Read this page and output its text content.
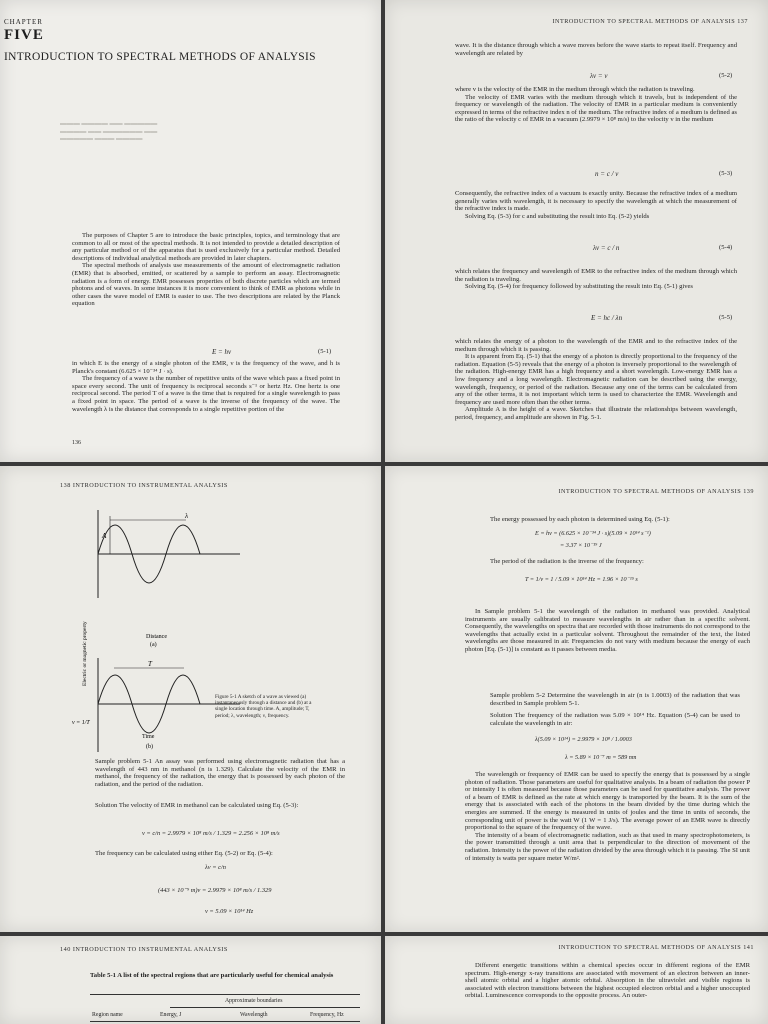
▬▬▬ ▬▬▬▬ ▬▬ ▬▬▬▬▬
▬▬▬▬ ▬▬ ▬▬▬▬▬▬ ▬▬
▬▬▬▬▬ ▬▬▬ ▬▬▬▬
CHAPTER
FIVE
INTRODUCTION TO SPECTRAL METHODS OF ANALYSIS

The purposes of Chapter 5 are to introduce the basic principles, topics, and terminology that are common to all or most of the spectral methods. It is not intended to provide a detailed description of any particular method or of the apparatus that is used exclusively for a particular method. Detailed descriptions of individual analytical methods are provided in later chapters.

The spectral methods of analysis use measurements of the amount of electromagnetic radiation (EMR) that is absorbed, emitted, or scattered by a sample to perform an assay. Electromagnetic radiation is a form of energy. EMR possesses properties of both discrete particles which are termed photons and of waves. In some instances it is more convenient to think of EMR as photons while in other cases the wave model of EMR is easier to use. The two descriptions are related by the Planck equation

E = hν	(5-1)

in which E is the energy of a single photon of the EMR, ν is the frequency of the wave, and h is Planck's constant (6.625 × 10⁻³⁴ J · s).

The frequency of a wave is the number of repetitive units of the wave which pass a fixed point in space every second. The unit of frequency is reciprocal seconds s⁻¹ or hertz Hz. One hertz is one reciprocal second. The period T of a wave is the time that is required for a single wavelength to pass a fixed point in space. The period of a wave is the inverse of the frequency of the wave. The wavelength λ is the distance that corresponds to a single repetitive portion of the

136
INTRODUCTION TO SPECTRAL METHODS OF ANALYSIS 137

wave. It is the distance through which a wave moves before the wave starts to repeat itself. Frequency and wavelength are related by

λν = v	(5-2)

where v is the velocity of the EMR in the medium through which the radiation is traveling.

The velocity of EMR varies with the medium through which it travels, but is independent of the frequency or wavelength of the radiation. The velocity of EMR in a particular medium is conveniently expressed in terms of the refractive index n of the medium. The refractive index of a medium is defined as the ratio of the velocity c of EMR in a vacuum (2.9979 × 10⁸ m/s) to the velocity v in the medium

n = c / v	(5-3)

Consequently, the refractive index of a vacuum is exactly unity. Because the refractive index of a medium generally varies with wavelength, it is necessary to specify the wavelength at which the measurement of the refractive index is made.

Solving Eq. (5-3) for c and substituting the result into Eq. (5-2) yields

λν = c / n	(5-4)

which relates the frequency and wavelength of EMR to the refractive index of the medium through which the radiation is traveling.

Solving Eq. (5-4) for frequency followed by substituting the result into Eq. (5-1) gives

E = hc / λn	(5-5)

which relates the energy of a photon to the wavelength of the EMR and to the refractive index of the medium through which it is passing.

It is apparent from Eq. (5-1) that the energy of a photon is directly proportional to the frequency of the radiation. Equation (5-5) reveals that the energy of a photon is inversely proportional to the wavelength of the radiation. High-energy EMR has a high frequency and a short wavelength. Low-energy EMR has a low frequency and a long wavelength. Electromagnetic radiation can be described using the energy, wavelength, frequency, or period of the radiation. Because any one of the terms can be calculated from any of the other terms, it is not important which term is used to characterize the EMR. Wavelength and frequency are used more often than the other terms.

Amplitude A is the height of a wave. Sketches that illustrate the relationships between wavelength, period, frequency, and amplitude are shown in Fig. 5-1.

138 INTRODUCTION TO INSTRUMENTAL ANALYSIS
λ
A
T
Distance
(a)
Time
(b)
ν = 1/T
Electric or magnetic property
Figure 5-1 A sketch of a wave as viewed (a) instantaneously through a distance and (b) at a single location through time. A, amplitude; T, period; λ, wavelength; ν, frequency.

Sample problem 5-1 An assay was performed using electromagnetic radiation that has a wavelength of 443 nm in methanol (n is 1.329). Calculate the velocity of the EMR in methanol, the frequency of the radiation, the energy that is possessed by each photon of the radiation, and the period of the radiation.

Solution The velocity of EMR in methanol can be calculated using Eq. (5-3):

v = c/n = 2.9979 × 10⁸ m/s / 1.329 = 2.256 × 10⁸ m/s

The frequency can be calculated using either Eq. (5-2) or Eq. (5-4):

λν = c/n
(443 × 10⁻⁹ m)ν = 2.9979 × 10⁸ m/s / 1.329
ν = 5.09 × 10¹⁴ Hz
INTRODUCTION TO SPECTRAL METHODS OF ANALYSIS 139

The energy possessed by each photon is determined using Eq. (5-1):

E = hν = (6.625 × 10⁻³⁴ J · s)(5.09 × 10¹⁴ s⁻¹)
= 3.37 × 10⁻¹⁹ J

The period of the radiation is the inverse of the frequency:

T = 1/ν = 1 / 5.09 × 10¹⁴ Hz = 1.96 × 10⁻¹⁵ s

In Sample problem 5-1 the wavelength of the radiation in methanol was provided. Analytical instruments are usually calibrated to measure wavelengths in air rather than in a specific solvent. Consequently, the wavelengths on spectra that are recorded with those instruments do not correspond to the wavelengths that actually exist in a particular solvent. Throughout the remainder of the text, the listed wavelengths are those measured in air. Frequencies do not vary with medium because the energy of each photon [Eq. (5-1)] is constant as it passes between media.

Sample problem 5-2 Determine the wavelength in air (n is 1.0003) of the radiation that was described in Sample problem 5-1.

Solution The frequency of the radiation was 5.09 × 10¹⁴ Hz. Equation (5-4) can be used to calculate the wavelength in air:

λ(5.09 × 10¹⁴) = 2.9979 × 10⁸ / 1.0003
λ = 5.89 × 10⁻⁷ m = 589 nm

The wavelength or frequency of EMR can be used to specify the energy that is possessed by a single photon of radiation. Those parameters are useful for qualitative analysis. In a beam of radiation the power P or intensity I is often measured because those parameters can be used for quantitative analysis. The power of a beam of EMR is defined as the rate at which energy is transported by the beam. It is the sum of the energy that is associated with each of the photons in the beam divided by the time during which the energies are summed. If the energy is measured in units of joules and the time in units of seconds, the corresponding unit of power is the watt W (1 W = 1 J/s). The average power of an EMR wave is directly proportional to the square of the frequency of the wave.

The intensity of a beam of electromagnetic radiation, such as that used in many spectrophotometers, is the power transmitted through a unit area that is perpendicular to the direction of movement of the radiation. Intensity is the power of the radiation divided by the area through which it is passing. The SI unit of intensity is watts per square meter W/m².

140 INTRODUCTION TO INSTRUMENTAL ANALYSIS
Table 5-1 A list of the spectral regions that are particularly useful for chemical analysis
Approximate boundaries
Region name	Energy, J	Wavelength	Frequency, Hz
INTRODUCTION TO SPECTRAL METHODS OF ANALYSIS 141

Different energetic transitions within a chemical species occur in different regions of the EMR spectrum. High-energy x-ray transitions are associated with movement of an electron between an inner-shell atomic orbital and a higher atomic orbital. Absorption in the ultraviolet and visible regions is associated with electron transitions between the highest occupied electron orbital and a higher unoccupied orbital. Luminescence corresponds to the opposite process. An outer-
